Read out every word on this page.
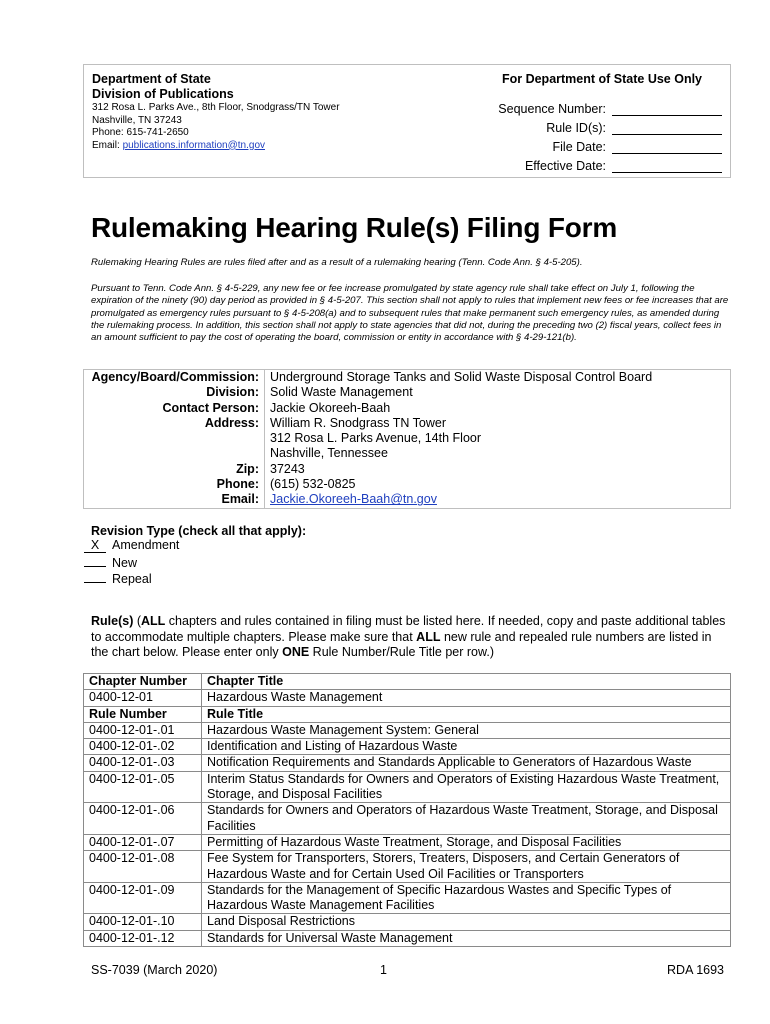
Department of State
Division of Publications
312 Rosa L. Parks Ave., 8th Floor, Snodgrass/TN Tower
Nashville, TN 37243
Phone: 615-741-2650
Email: publications.information@tn.gov
For Department of State Use Only
Sequence Number:
Rule ID(s):
File Date:
Effective Date:
Rulemaking Hearing Rule(s) Filing Form
Rulemaking Hearing Rules are rules filed after and as a result of a rulemaking hearing (Tenn. Code Ann. § 4-5-205).
Pursuant to Tenn. Code Ann. § 4-5-229, any new fee or fee increase promulgated by state agency rule shall take effect on July 1, following the expiration of the ninety (90) day period as provided in § 4-5-207. This section shall not apply to rules that implement new fees or fee increases that are promulgated as emergency rules pursuant to § 4-5-208(a) and to subsequent rules that make permanent such emergency rules, as amended during the rulemaking process. In addition, this section shall not apply to state agencies that did not, during the preceding two (2) fiscal years, collect fees in an amount sufficient to pay the cost of operating the board, commission or entity in accordance with § 4-29-121(b).
Agency/Board/Commission:	Underground Storage Tanks and Solid Waste Disposal Control Board
Division:	Solid Waste Management
Contact Person:	Jackie Okoreeh-Baah
Address:	William R. Snodgrass TN Tower
312 Rosa L. Parks Avenue, 14th Floor
Nashville, Tennessee

Zip:	37243
Phone:	(615) 532-0825
Email:	Jackie.Okoreeh-Baah@tn.gov
Revision Type (check all that apply):
X Amendment
New
Repeal
Rule(s) (ALL chapters and rules contained in filing must be listed here. If needed, copy and paste additional tables to accommodate multiple chapters. Please make sure that ALL new rule and repealed rule numbers are listed in the chart below. Please enter only ONE Rule Number/Rule Title per row.)
Chapter Number	Chapter Title
0400-12-01	Hazardous Waste Management
Rule Number	Rule Title
0400-12-01-.01	Hazardous Waste Management System: General
0400-12-01-.02	Identification and Listing of Hazardous Waste
0400-12-01-.03	Notification Requirements and Standards Applicable to Generators of Hazardous Waste
0400-12-01-.05	Interim Status Standards for Owners and Operators of Existing Hazardous Waste Treatment, Storage, and Disposal Facilities
0400-12-01-.06	Standards for Owners and Operators of Hazardous Waste Treatment, Storage, and Disposal Facilities
0400-12-01-.07	Permitting of Hazardous Waste Treatment, Storage, and Disposal Facilities
0400-12-01-.08	Fee System for Transporters, Storers, Treaters, Disposers, and Certain Generators of Hazardous Waste and for Certain Used Oil Facilities or Transporters
0400-12-01-.09	Standards for the Management of Specific Hazardous Wastes and Specific Types of Hazardous Waste Management Facilities
0400-12-01-.10	Land Disposal Restrictions
0400-12-01-.12	Standards for Universal Waste Management
SS-7039 (March 2020)	1	RDA 1693
